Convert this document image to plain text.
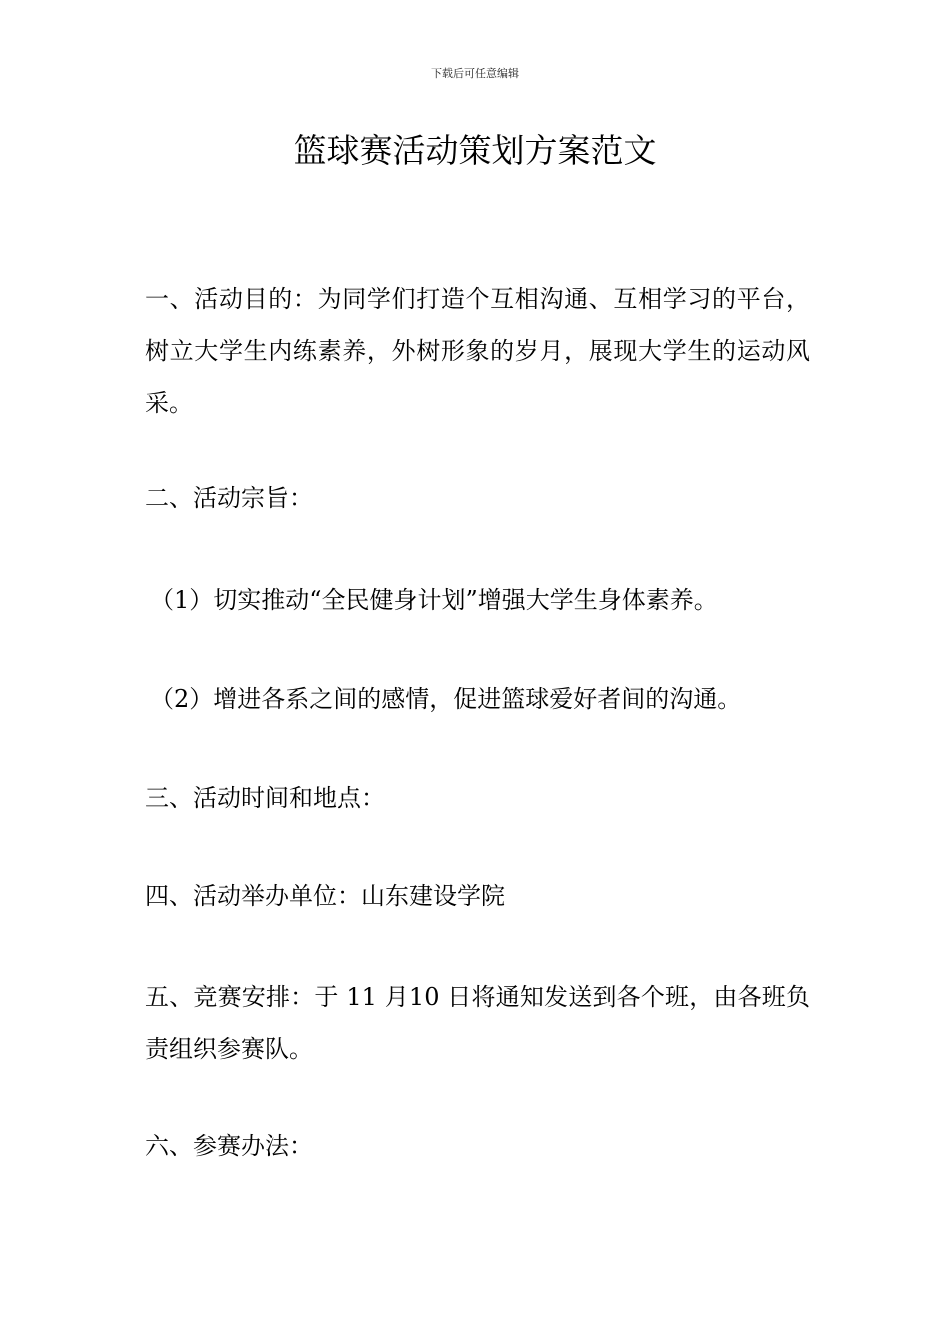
下载后可任意编辑
篮球赛活动策划方案范文

一、活动目的：为同学们打造个互相沟通、互相学习的平台，树立大学生内练素养，外树形象的岁月，展现大学生的运动风采。

二、活动宗旨：

（1）切实推动“全民健身计划”增强大学生身体素养。

（2）增进各系之间的感情，促进篮球爱好者间的沟通。

三、活动时间和地点：

四、活动举办单位：山东建设学院

五、竞赛安排：于 11 月10 日将通知发送到各个班，由各班负责组织参赛队。

六、参赛办法：
